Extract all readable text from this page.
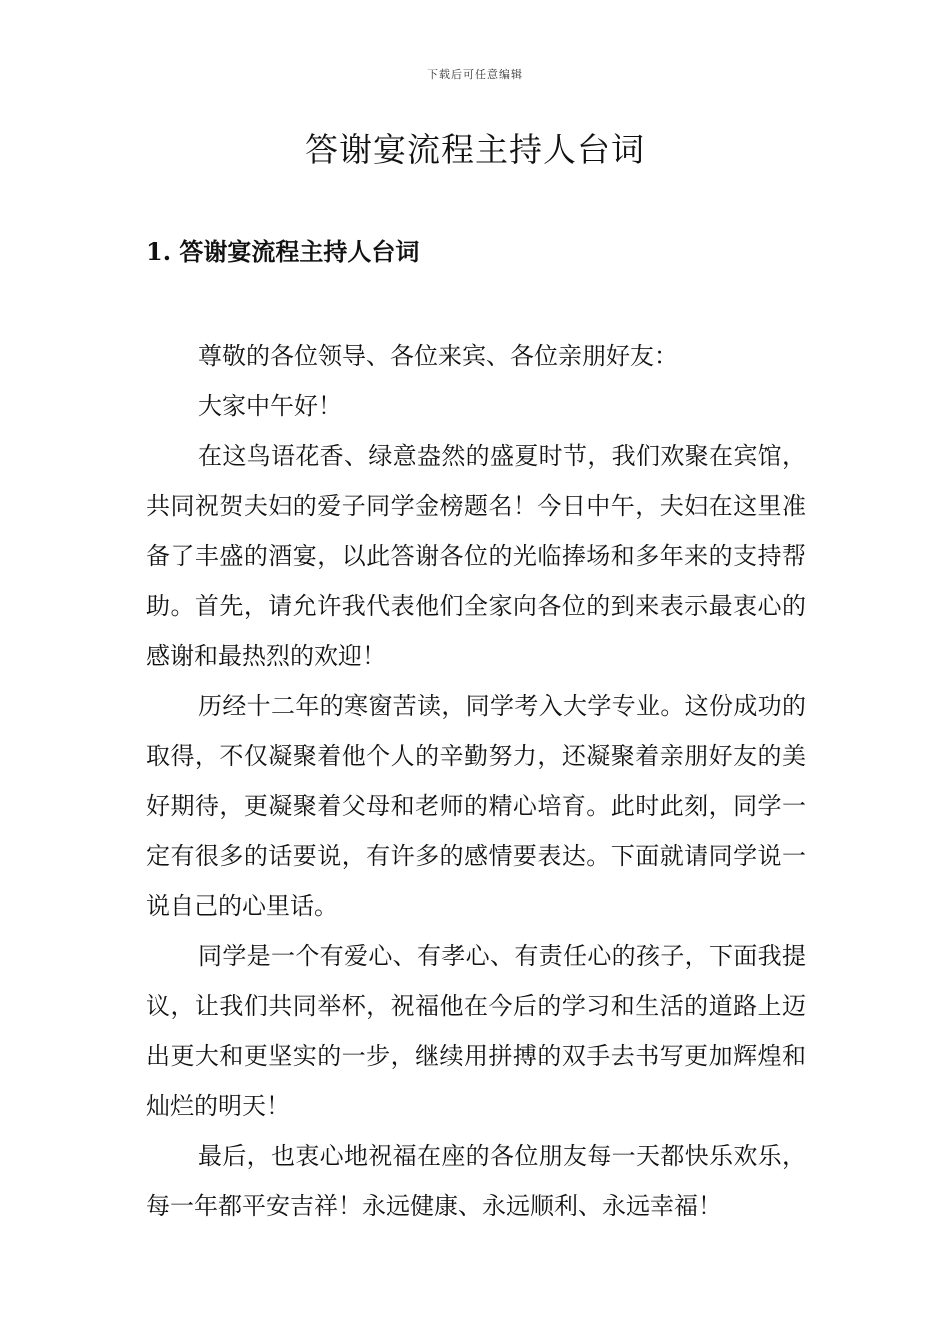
下载后可任意编辑
答谢宴流程主持人台词
1. 答谢宴流程主持人台词

尊敬的各位领导、各位来宾、各位亲朋好友：

大家中午好！

在这鸟语花香、绿意盎然的盛夏时节，我们欢聚在宾馆，共同祝贺夫妇的爱子同学金榜题名！今日中午，夫妇在这里准备了丰盛的酒宴，以此答谢各位的光临捧场和多年来的支持帮助。首先，请允许我代表他们全家向各位的到来表示最衷心的感谢和最热烈的欢迎！

历经十二年的寒窗苦读，同学考入大学专业。这份成功的取得，不仅凝聚着他个人的辛勤努力，还凝聚着亲朋好友的美好期待，更凝聚着父母和老师的精心培育。此时此刻，同学一定有很多的话要说，有许多的感情要表达。下面就请同学说一说自己的心里话。

同学是一个有爱心、有孝心、有责任心的孩子，下面我提议，让我们共同举杯，祝福他在今后的学习和生活的道路上迈出更大和更坚实的一步，继续用拼搏的双手去书写更加辉煌和灿烂的明天！

最后，也衷心地祝福在座的各位朋友每一天都快乐欢乐，每一年都平安吉祥！永远健康、永远顺利、永远幸福！
